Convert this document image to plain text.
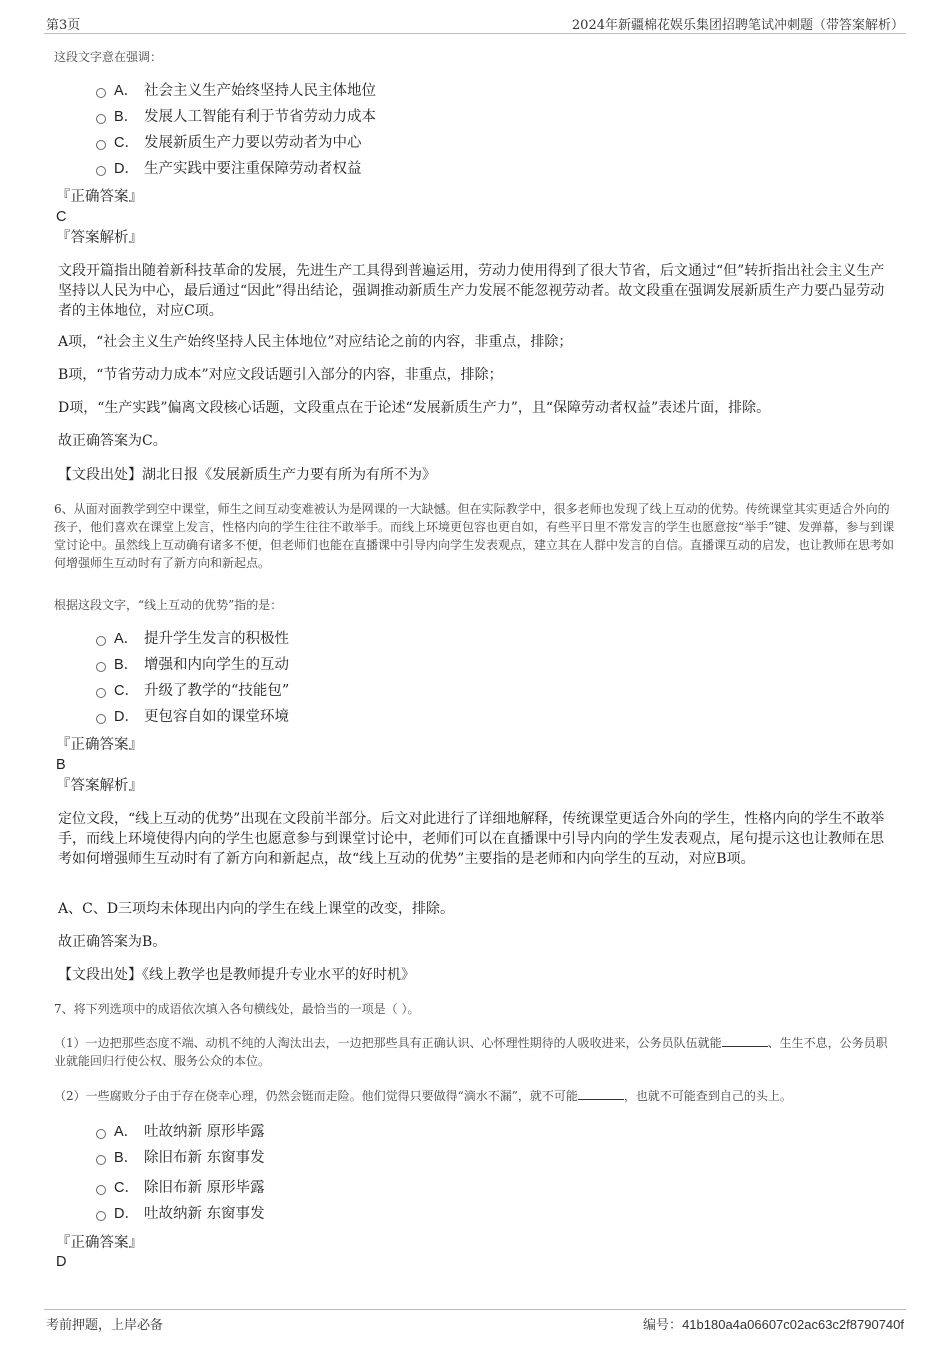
第3页	2024年新疆棉花娱乐集团招聘笔试冲刺题（带答案解析）
这段文字意在强调：
A． 社会主义生产始终坚持人民主体地位
B． 发展人工智能有利于节省劳动力成本
C． 发展新质生产力要以劳动者为中心
D． 生产实践中要注重保障劳动者权益
『正确答案』
C
『答案解析』
文段开篇指出随着新科技革命的发展，先进生产工具得到普遍运用，劳动力使用得到了很大节省，后文通过“但”转折指出社会主义生产坚持以人民为中心，最后通过“因此”得出结论，强调推动新质生产力发展不能忽视劳动者。故文段重在强调发展新质生产力要凸显劳动者的主体地位，对应C项。
A项，“社会主义生产始终坚持人民主体地位”对应结论之前的内容，非重点，排除；
B项，“节省劳动力成本”对应文段话题引入部分的内容，非重点，排除；
D项，“生产实践”偏离文段核心话题，文段重点在于论述“发展新质生产力”，且“保障劳动者权益”表述片面，排除。
故正确答案为C。
【文段出处】湖北日报《发展新质生产力要有所为有所不为》
6、从面对面教学到空中课堂，师生之间互动变难被认为是网课的一大缺憾。但在实际教学中，很多老师也发现了线上互动的优势。传统课堂其实更适合外向的孩子，他们喜欢在课堂上发言，性格内向的学生往往不敢举手。而线上环境更包容也更自如，有些平日里不常发言的学生也愿意按“举手”键、发弹幕，参与到课堂讨论中。虽然线上互动确有诸多不便，但老师们也能在直播课中引导内向学生发表观点，建立其在人群中发言的自信。直播课互动的启发，也让教师在思考如何增强师生互动时有了新方向和新起点。
根据这段文字，“线上互动的优势”指的是：
A． 提升学生发言的积极性
B． 增强和内向学生的互动
C． 升级了教学的“技能包”
D． 更包容自如的课堂环境
『正确答案』
B
『答案解析』
定位文段，“线上互动的优势”出现在文段前半部分。后文对此进行了详细地解释，传统课堂更适合外向的学生，性格内向的学生不敢举手，而线上环境使得内向的学生也愿意参与到课堂讨论中，老师们可以在直播课中引导内向的学生发表观点，尾句提示这也让教师在思考如何增强师生互动时有了新方向和新起点，故“线上互动的优势”主要指的是老师和内向学生的互动，对应B项。
A、C、D三项均未体现出内向的学生在线上课堂的改变，排除。
故正确答案为B。
【文段出处】《线上教学也是教师提升专业水平的好时机》
7、将下列选项中的成语依次填入各句横线处，最恰当的一项是（ ）。
（1）一边把那些态度不端、动机不纯的人淘汰出去，一边把那些具有正确认识、心怀理性期待的人吸收进来，公务员队伍就能	、生生不息，公务员职业就能回归行使公权、服务公众的本位。
（2）一些腐败分子由于存在侥幸心理，仍然会铤而走险。他们觉得只要做得“滴水不漏”，就不可能	，也就不可能查到自己的头上。
A． 吐故纳新 原形毕露
B． 除旧布新 东窗事发
C． 除旧布新 原形毕露
D． 吐故纳新 东窗事发
『正确答案』
D
考前押题，上岸必备	编号：41b180a4a06607c02ac63c2f8790740f
